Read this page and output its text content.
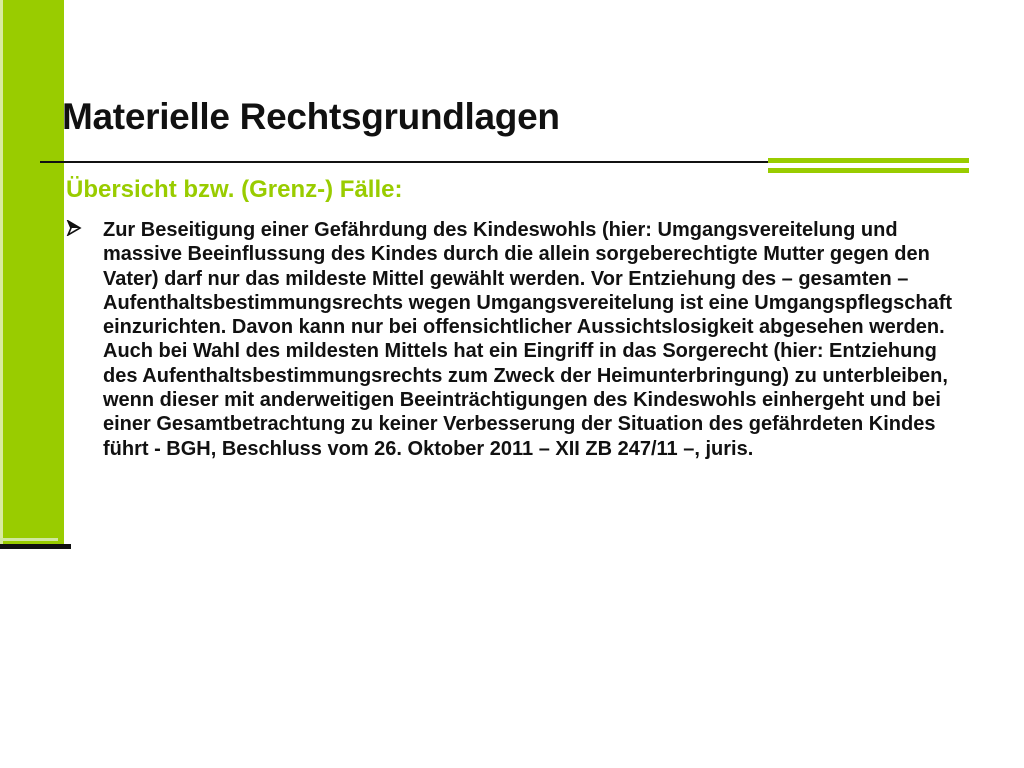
Materielle Rechtsgrundlagen
Übersicht bzw. (Grenz-) Fälle:

Zur Beseitigung einer Gefährdung des Kindeswohls (hier: Umgangsvereitelung und massive Beeinflussung des Kindes durch die allein sorgeberechtigte Mutter gegen den Vater) darf nur das mildeste Mittel gewählt werden. Vor Entziehung des – gesamten – Aufenthaltsbestimmungsrechts wegen Umgangsvereitelung ist eine Umgangspflegschaft einzurichten. Davon kann nur bei offensichtlicher Aussichtslosigkeit abgesehen werden. Auch bei Wahl des mildesten Mittels hat ein Eingriff in das Sorgerecht (hier: Entziehung des Aufenthaltsbestimmungsrechts zum Zweck der Heimunterbringung) zu unterbleiben, wenn dieser mit anderweitigen Beeinträchtigungen des Kindeswohls einhergeht und bei einer Gesamtbetrachtung zu keiner Verbesserung der Situation des gefährdeten Kindes führt - BGH, Beschluss vom 26. Oktober 2011 – XII ZB 247/11 –, juris.
